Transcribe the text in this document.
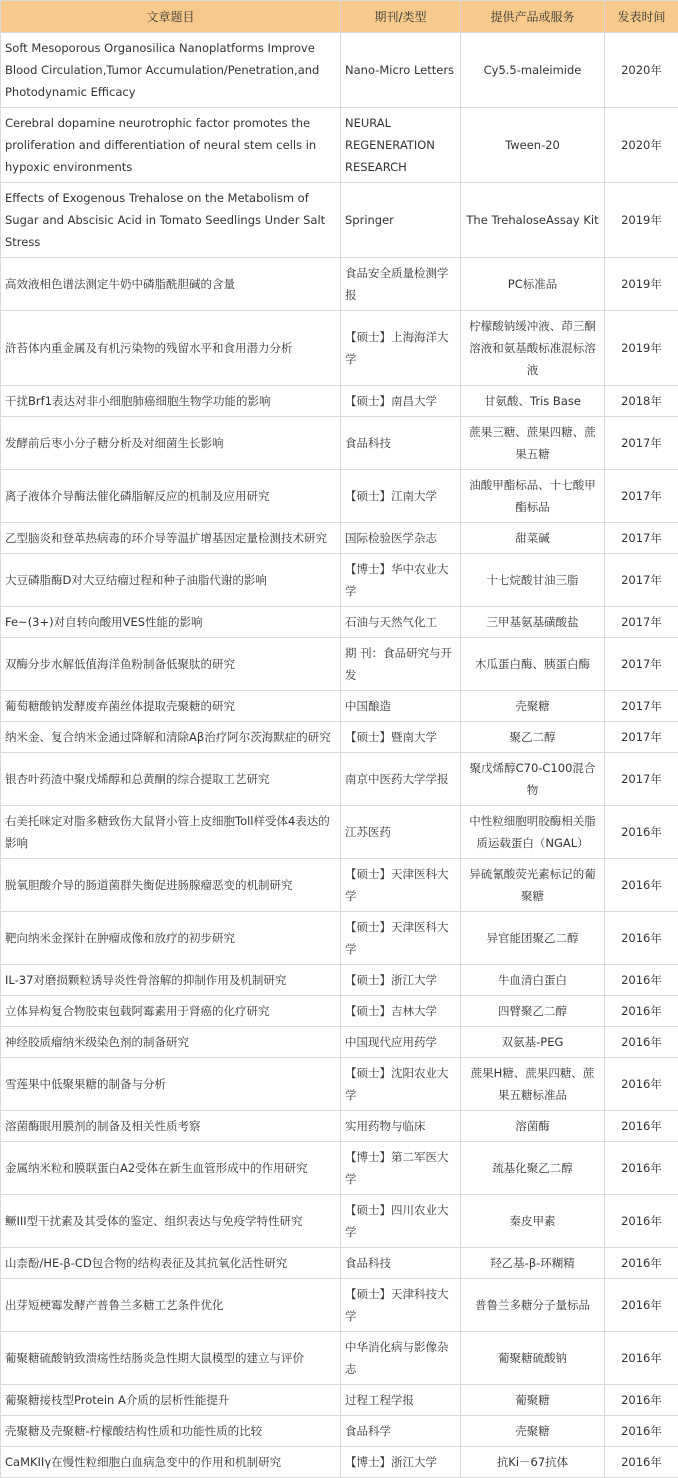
文章题目	期刊/类型	提供产品或服务	发表时间
Soft Mesoporous Organosilica Nanoplatforms Improve Blood Circulation,Tumor Accumulation/Penetration,and Photodynamic Efficacy	Nano-Micro Letters	Cy5.5-maleimide	2020年
Cerebral dopamine neurotrophic factor promotes the proliferation and differentiation of neural stem cells in hypoxic environments	NEURAL REGENERATION RESEARCH	Tween-20	2020年
Effects of Exogenous Trehalose on the Metabolism of Sugar and Abscisic Acid in Tomato Seedlings Under Salt Stress	Springer	The TrehaloseAssay Kit	2019年
高效液相色谱法测定牛奶中磷脂酰胆碱的含量	食品安全质量检测学报	PC标准品	2019年
浒苔体内重金属及有机污染物的残留水平和食用潜力分析	【硕士】上海海洋大学	柠檬酸钠缓冲液、茚三酮溶液和氨基酸标准混标溶液	2019年
干扰Brf1表达对非小细胞肺癌细胞生物学功能的影响	【硕士】南昌大学	甘氨酸、Tris Base	2018年
发酵前后枣小分子糖分析及对细菌生长影响	食品科技	蔗果三糖、蔗果四糖、蔗果五糖	2017年
离子液体介导酶法催化磷脂解反应的机制及应用研究	【硕士】江南大学	油酸甲酯标品、十七酸甲酯标品	2017年
乙型脑炎和登革热病毒的环介导等温扩增基因定量检测技术研究	国际检验医学杂志	甜菜碱	2017年
大豆磷脂酶D对大豆结瘤过程和种子油脂代谢的影响	【博士】华中农业大学	十七烷酸甘油三脂	2017年
Fe~(3+)对自转向酸用VES性能的影响	石油与天然气化工	三甲基氨基磺酸盐	2017年
双酶分步水解低值海洋鱼粉制备低聚肽的研究	期 刊：食品研究与开发	木瓜蛋白酶、胰蛋白酶	2017年
葡萄糖酸钠发酵废弃菌丝体提取壳聚糖的研究	中国酿造	壳聚糖	2017年
纳米金、复合纳米金通过降解和清除Aβ治疗阿尔茨海默症的研究	【硕士】暨南大学	聚乙二醇	2017年
银杏叶药渣中聚戊烯醇和总黄酮的综合提取工艺研究	南京中医药大学学报	聚戊烯醇C70-C100混合物	2017年
右美托咪定对脂多糖致伤大鼠肾小管上皮细胞Toll样受体4表达的影响	江苏医药	中性粒细胞明胶酶相关脂质运载蛋白（NGAL）	2016年
脱氧胆酸介导的肠道菌群失衡促进肠腺瘤恶变的机制研究	【硕士】天津医科大学	异硫氰酸荧光素标记的葡聚糖	2016年
靶向纳米金探针在肿瘤成像和放疗的初步研究	【硕士】天津医科大学	异官能团聚乙二醇	2016年
IL-37对磨损颗粒诱导炎性骨溶解的抑制作用及机制研究	【硕士】浙江大学	牛血清白蛋白	2016年
立体异构复合物胶束包载阿霉素用于肾癌的化疗研究	【硕士】吉林大学	四臂聚乙二醇	2016年
神经胶质瘤纳米级染色剂的制备研究	中国现代应用药学	双氨基-PEG	2016年
雪莲果中低聚果糖的制备与分析	【硕士】沈阳农业大学	蔗果H糖、蔗果四糖、蔗果五糖标准品	2016年
溶菌酶眼用膜剂的制备及相关性质考察	实用药物与临床	溶菌酶	2016年
金属纳米粒和膜联蛋白A2受体在新生血管形成中的作用研究	【博士】第二军医大学	巯基化聚乙二醇	2016年
鳜III型干扰素及其受体的鉴定、组织表达与免疫学特性研究	【硕士】四川农业大学	秦皮甲素	2016年
山柰酚/HE-β-CD包合物的结构表征及其抗氧化活性研究	食品科技	羟乙基-β-环糊精	2016年
出芽短梗霉发酵产普鲁兰多糖工艺条件优化	【硕士】天津科技大学	普鲁兰多糖分子量标品	2016年
葡聚糖硫酸钠致溃疡性结肠炎急性期大鼠模型的建立与评价	中华消化病与影像杂志	葡聚糖硫酸钠	2016年
葡聚糖接枝型Protein A介质的层析性能提升	过程工程学报	葡聚糖	2016年
壳聚糖及壳聚糖-柠檬酸结构性质和功能性质的比较	食品科学	壳聚糖	2016年
CaMKIIγ在慢性粒细胞白血病急变中的作用和机制研究	【博士】浙江大学	抗Ki－67抗体	2016年
